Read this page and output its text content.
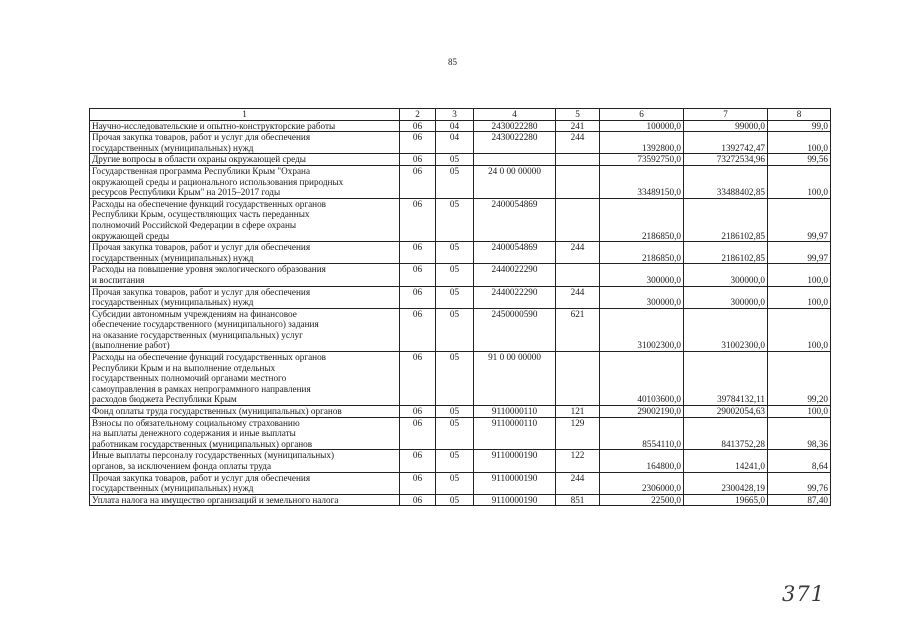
85
1	2	3	4	5	6	7	8
Научно-исследовательские и опытно-конструкторские работы	06	04	2430022280	241	100000,0	99000,0	99,0
Прочая закупка товаров, работ и услуг для обеспечения
государственных (муниципальных) нужд	06	04	2430022280	244	1392800,0	1392742,47	100,0
Другие вопросы в области охраны окружающей среды	06	05			73592750,0	73272534,96	99,56
Государственная программа Республики Крым "Охрана
окружающей среды и рационального использования природных
ресурсов Республики Крым" на 2015–2017 годы	06	05	24 0 00 00000		33489150,0	33488402,85	100,0
Расходы на обеспечение функций государственных органов
Республики Крым, осуществляющих часть переданных
полномочий Российской Федерации в сфере охраны
окружающей среды	06	05	2400054869		2186850,0	2186102,85	99,97
Прочая закупка товаров, работ и услуг для обеспечения
государственных (муниципальных) нужд	06	05	2400054869	244	2186850,0	2186102,85	99,97
Расходы на повышение уровня экологического образования
и воспитания	06	05	2440022290		300000,0	300000,0	100,0
Прочая закупка товаров, работ и услуг для обеспечения
государственных (муниципальных) нужд	06	05	2440022290	244	300000,0	300000,0	100,0
Субсидии автономным учреждениям на финансовое
обеспечение государственного (муниципального) задания
на оказание государственных (муниципальных) услуг
(выполнение работ)	06	05	2450000590	621	31002300,0	31002300,0	100,0
Расходы на обеспечение функций государственных органов
Республики Крым и на выполнение отдельных
государственных полномочий органами местного
самоуправления в рамках непрограммного направления
расходов бюджета Республики Крым	06	05	91 0 00 00000		40103600,0	39784132,11	99,20
Фонд оплаты труда государственных (муниципальных) органов	06	05	9110000110	121	29002190,0	29002054,63	100,0
Взносы по обязательному социальному страхованию
на выплаты денежного содержания и иные выплаты
работникам государственных (муниципальных) органов	06	05	9110000110	129	8554110,0	8413752,28	98,36
Иные выплаты персоналу государственных (муниципальных)
органов, за исключением фонда оплаты труда	06	05	9110000190	122	164800,0	14241,0	8,64
Прочая закупка товаров, работ и услуг для обеспечения
государственных (муниципальных) нужд	06	05	9110000190	244	2306000,0	2300428,19	99,76
Уплата налога на имущество организаций и земельного налога	06	05	9110000190	851	22500,0	19665,0	87,40
371
